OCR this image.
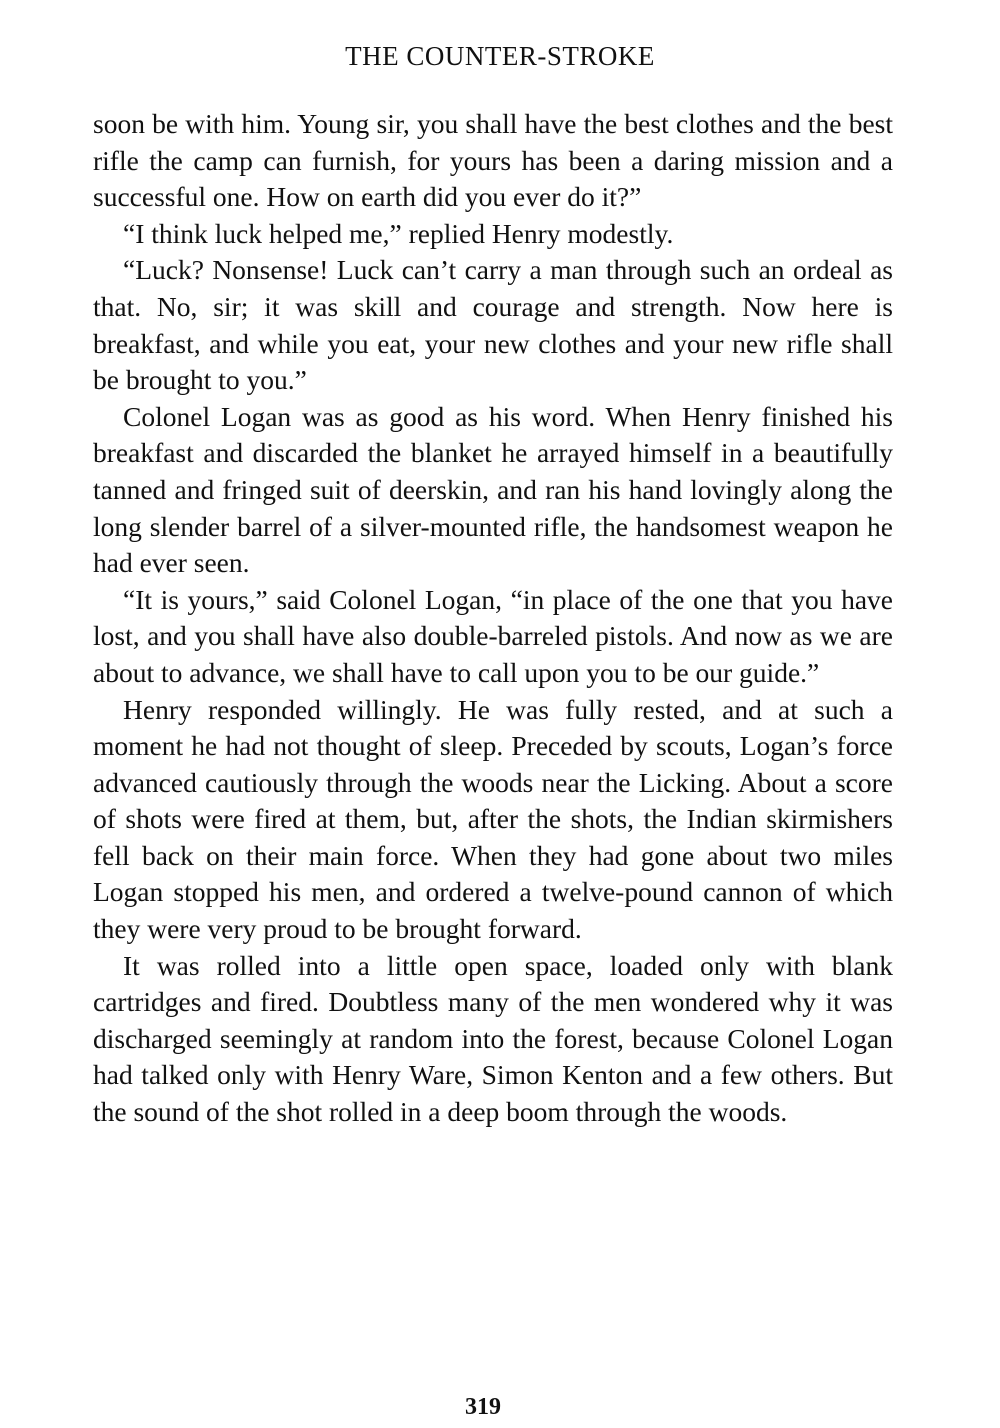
THE COUNTER-STROKE

soon be with him. Young sir, you shall have the best clothes and the best rifle the camp can furnish, for yours has been a daring mission and a successful one. How on earth did you ever do it?”

“I think luck helped me,” replied Henry modestly.

“Luck? Nonsense! Luck can’t carry a man through such an ordeal as that. No, sir; it was skill and courage and strength. Now here is breakfast, and while you eat, your new clothes and your new rifle shall be brought to you.”

Colonel Logan was as good as his word. When Henry finished his breakfast and discarded the blanket he arrayed himself in a beautifully tanned and fringed suit of deerskin, and ran his hand lovingly along the long slender barrel of a silver-mounted rifle, the handsomest weapon he had ever seen.

“It is yours,” said Colonel Logan, “in place of the one that you have lost, and you shall have also double-barreled pistols. And now as we are about to advance, we shall have to call upon you to be our guide.”

Henry responded willingly. He was fully rested, and at such a moment he had not thought of sleep. Preceded by scouts, Logan’s force advanced cautiously through the woods near the Licking. About a score of shots were fired at them, but, after the shots, the Indian skirmishers fell back on their main force. When they had gone about two miles Logan stopped his men, and ordered a twelve-pound cannon of which they were very proud to be brought forward.

It was rolled into a little open space, loaded only with blank cartridges and fired. Doubtless many of the men wondered why it was discharged seemingly at random into the forest, because Colonel Logan had talked only with Henry Ware, Simon Kenton and a few others. But the sound of the shot rolled in a deep boom through the woods.

319
